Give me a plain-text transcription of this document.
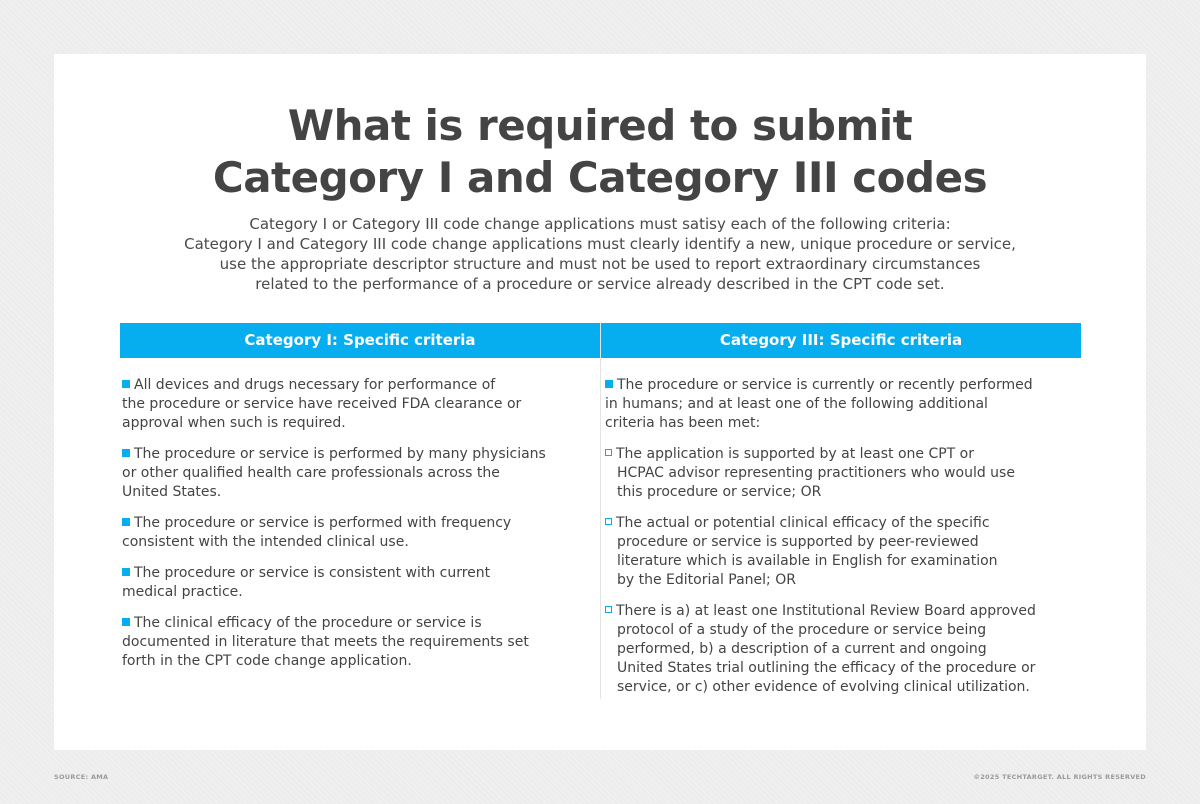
What is required to submit
Category I and Category III codes
Category I or Category III code change applications must satisy each of the following criteria:
Category I and Category III code change applications must clearly identify a new, unique procedure or service,
use the appropriate descriptor structure and must not be used to report extraordinary circumstances
related to the performance of a procedure or service already described in the CPT code set.
Category I: Specific criteria
All devices and drugs necessary for performance of
the procedure or service have received FDA clearance or
approval when such is required.
The procedure or service is performed by many physicians
or other qualified health care professionals across the
United States.
The procedure or service is performed with frequency
consistent with the intended clinical use.
The procedure or service is consistent with current
medical practice.
The clinical efficacy of the procedure or service is
documented in literature that meets the requirements set
forth in the CPT code change application.
Category III: Specific criteria
The procedure or service is currently or recently performed
in humans; and at least one of the following additional
criteria has been met:
The application is supported by at least one CPT or
HCPAC advisor representing practitioners who would use
this procedure or service; OR
The actual or potential clinical efficacy of the specific
procedure or service is supported by peer-reviewed
literature which is available in English for examination
by the Editorial Panel; OR
There is a) at least one Institutional Review Board approved
protocol of a study of the procedure or service being
performed, b) a description of a current and ongoing
United States trial outlining the efficacy of the procedure or
service, or c) other evidence of evolving clinical utilization.
SOURCE: AMA	©2025 TECHTARGET. ALL RIGHTS RESERVED
